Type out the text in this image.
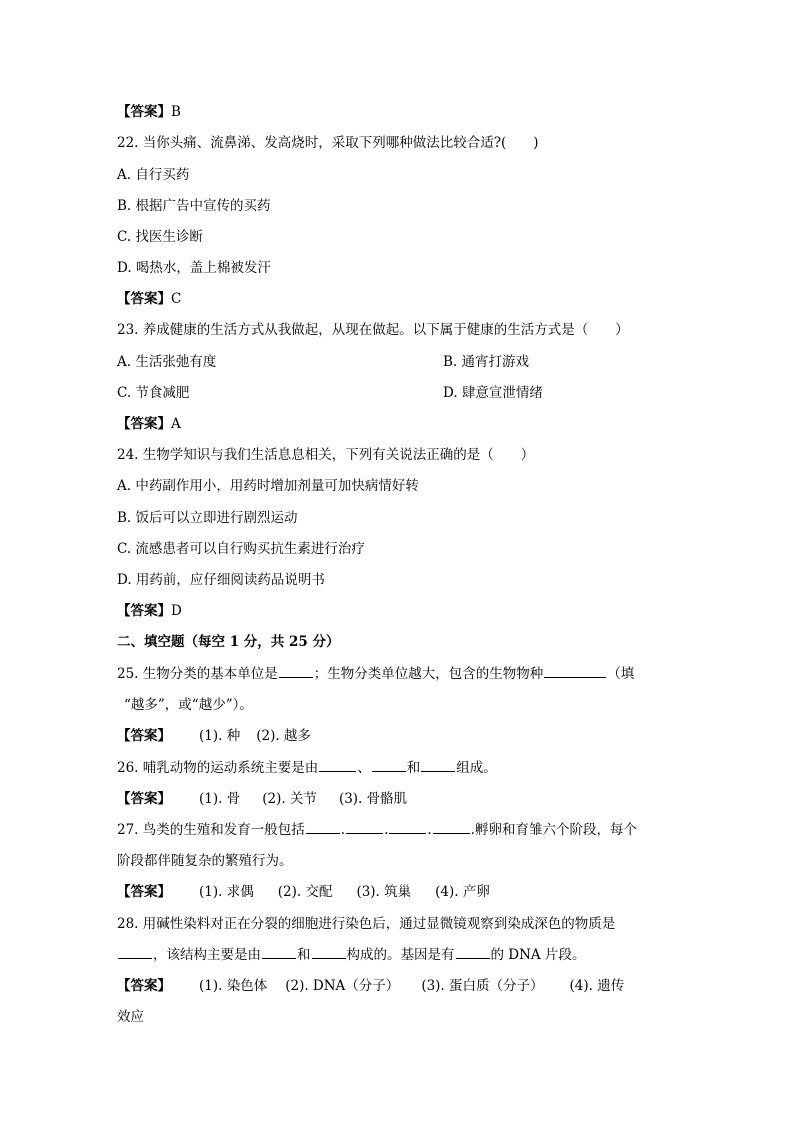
【答案】B
22. 当你头痛、流鼻涕、发高烧时，采取下列哪种做法比较合适?(　　)
A. 自行买药
B. 根据广告中宣传的买药
C. 找医生诊断
D. 喝热水，盖上棉被发汗
【答案】C
23. 养成健康的生活方式从我做起，从现在做起。以下属于健康的生活方式是（　　）
A. 生活张弛有度	B. 通宵打游戏
C. 节食减肥	D. 肆意宣泄情绪
【答案】A
24. 生物学知识与我们生活息息相关，下列有关说法正确的是（　　）
A. 中药副作用小，用药时增加剂量可加快病情好转
B. 饭后可以立即进行剧烈运动
C. 流感患者可以自行购买抗生素进行治疗
D. 用药前，应仔细阅读药品说明书
【答案】D
二、填空题（每空 1 分，共 25 分）
25. 生物分类的基本单位是	；生物分类单位越大，包含的生物物种	（填
“越多”，或“越少”）。
【答案】 (1). 种 (2). 越多
26. 哺乳动物的运动系统主要是由	、	和	组成。
【答案】 (1). 骨 (2). 关节 (3). 骨骼肌
27. 鸟类的生殖和发育一般包括	.	.	.	.孵卵和育雏六个阶段，每个
阶段都伴随复杂的繁殖行为。
【答案】 (1). 求偶 (2). 交配 (3). 筑巢 (4). 产卵
28. 用碱性染料对正在分裂的细胞进行染色后，通过显微镜观察到染成深色的物质是
，该结构主要是由	和	构成的。基因是有	的 DNA 片段。
【答案】 (1). 染色体 (2). DNA（分子） (3). 蛋白质（分子） (4). 遗传
效应
